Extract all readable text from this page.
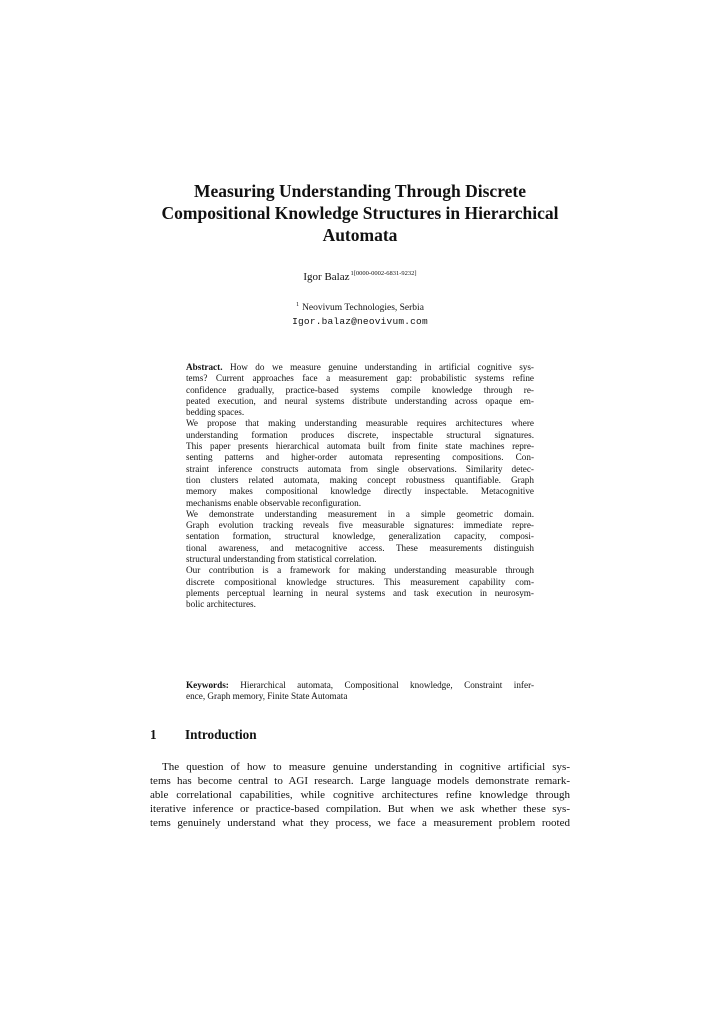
Measuring Understanding Through Discrete
Compositional Knowledge Structures in Hierarchical
Automata
Igor Balaz$^{1[0000-0002-6831-9232]}$
$^1$ Neovivum Technologies, Serbia
Igor.balaz@neovivum.com
Abstract. How do we measure genuine understanding in artificial cognitive sys-
tems? Current approaches face a measurement gap: probabilistic systems refine
confidence gradually, practice-based systems compile knowledge through re-
peated execution, and neural systems distribute understanding across opaque em-
bedding spaces.
We propose that making understanding measurable requires architectures where
understanding formation produces discrete, inspectable structural signatures.
This paper presents hierarchical automata built from finite state machines repre-
senting patterns and higher-order automata representing compositions. Con-
straint inference constructs automata from single observations. Similarity detec-
tion clusters related automata, making concept robustness quantifiable. Graph
memory makes compositional knowledge directly inspectable. Metacognitive
mechanisms enable observable reconfiguration.
We demonstrate understanding measurement in a simple geometric domain.
Graph evolution tracking reveals five measurable signatures: immediate repre-
sentation formation, structural knowledge, generalization capacity, composi-
tional awareness, and metacognitive access. These measurements distinguish
structural understanding from statistical correlation.
Our contribution is a framework for making understanding measurable through
discrete compositional knowledge structures. This measurement capability com-
plements perceptual learning in neural systems and task execution in neurosym-
bolic architectures.
Keywords: Hierarchical automata, Compositional knowledge, Constraint infer-
ence, Graph memory, Finite State Automata
1 Introduction
The question of how to measure genuine understanding in cognitive artificial sys-
tems has become central to AGI research. Large language models demonstrate remark-
able correlational capabilities, while cognitive architectures refine knowledge through
iterative inference or practice-based compilation. But when we ask whether these sys-
tems genuinely understand what they process, we face a measurement problem rooted
